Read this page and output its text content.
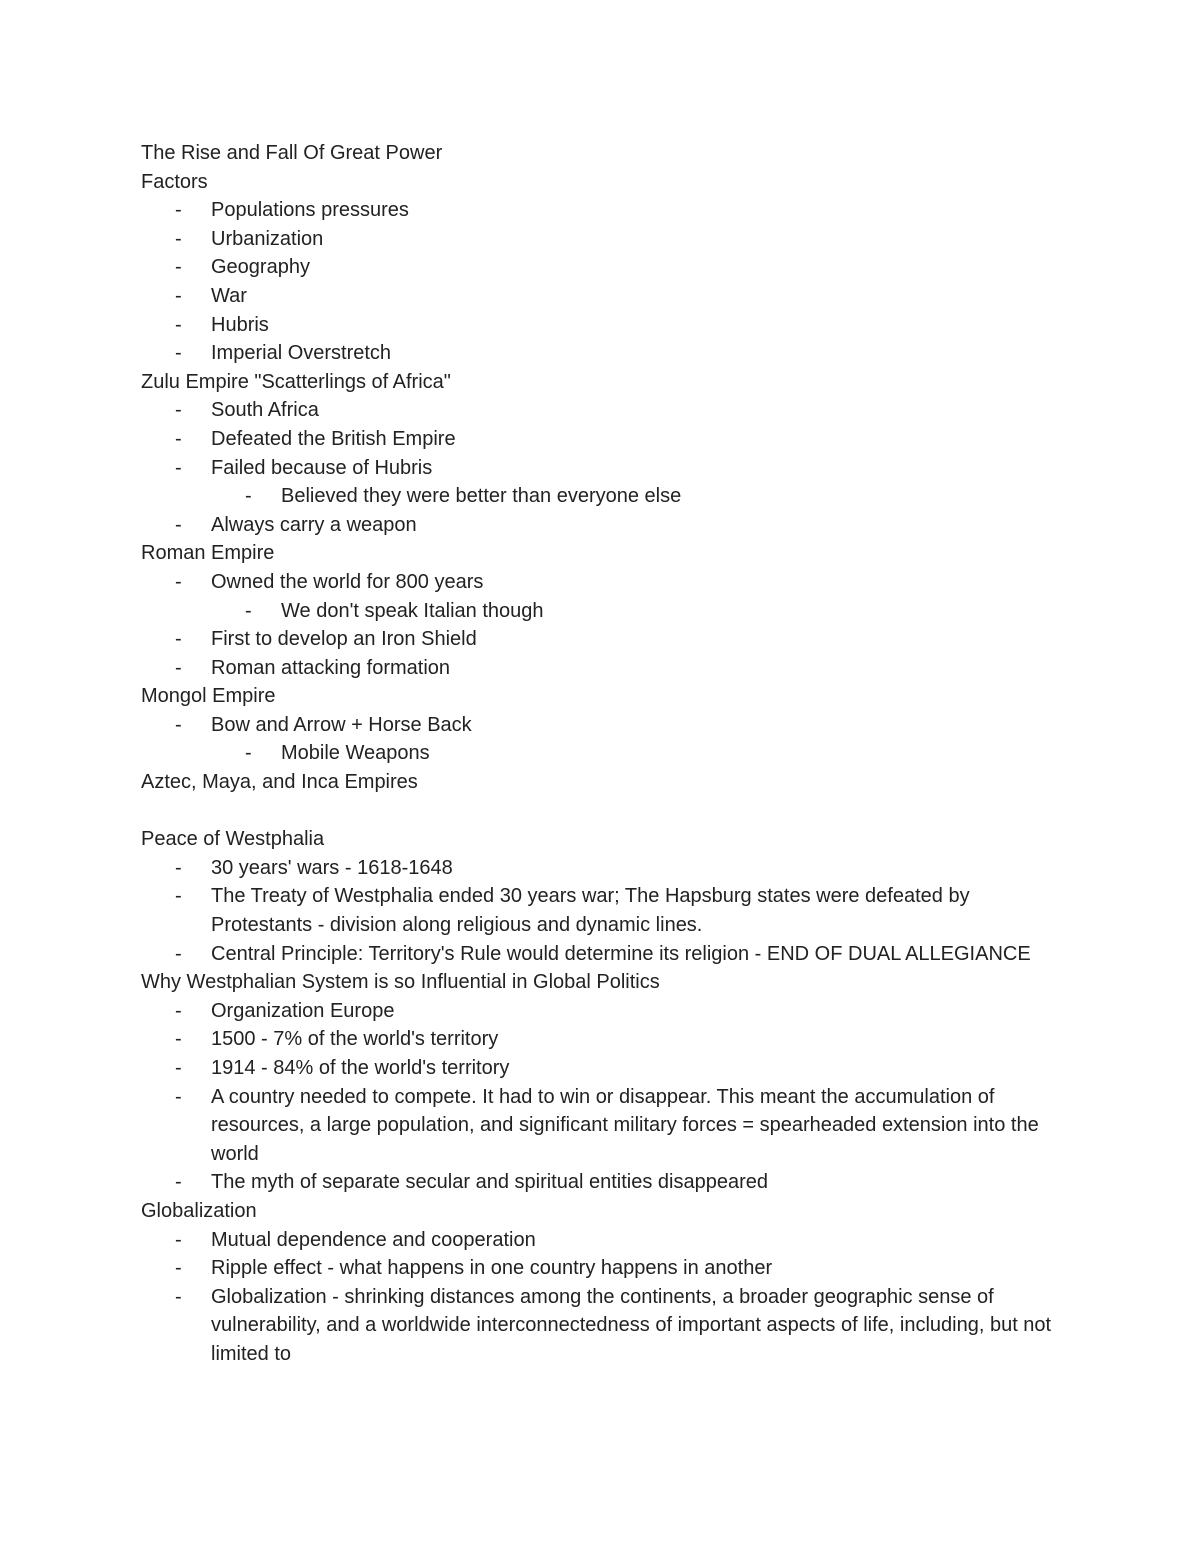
The Rise and Fall Of Great Power
Factors
- Populations pressures
- Urbanization
- Geography
- War
- Hubris
- Imperial Overstretch
Zulu Empire "Scatterlings of Africa"
- South Africa
- Defeated the British Empire
- Failed because of Hubris
- Believed they were better than everyone else
- Always carry a weapon
Roman Empire
- Owned the world for 800 years
- We don't speak Italian though
- First to develop an Iron Shield
- Roman attacking formation
Mongol Empire
- Bow and Arrow + Horse Back
- Mobile Weapons
Aztec, Maya, and Inca Empires
Peace of Westphalia
- 30 years' wars - 1618-1648
- The Treaty of Westphalia ended 30 years war; The Hapsburg states were defeated by Protestants - division along religious and dynamic lines.
- Central Principle: Territory's Rule would determine its religion - END OF DUAL ALLEGIANCE
Why Westphalian System is so Influential in Global Politics
- Organization Europe
- 1500 - 7% of the world's territory
- 1914 - 84% of the world's territory
- A country needed to compete. It had to win or disappear. This meant the accumulation of resources, a large population, and significant military forces = spearheaded extension into the world
- The myth of separate secular and spiritual entities disappeared
Globalization
- Mutual dependence and cooperation
- Ripple effect - what happens in one country happens in another
- Globalization - shrinking distances among the continents, a broader geographic sense of vulnerability, and a worldwide interconnectedness of important aspects of life, including, but not limited to
